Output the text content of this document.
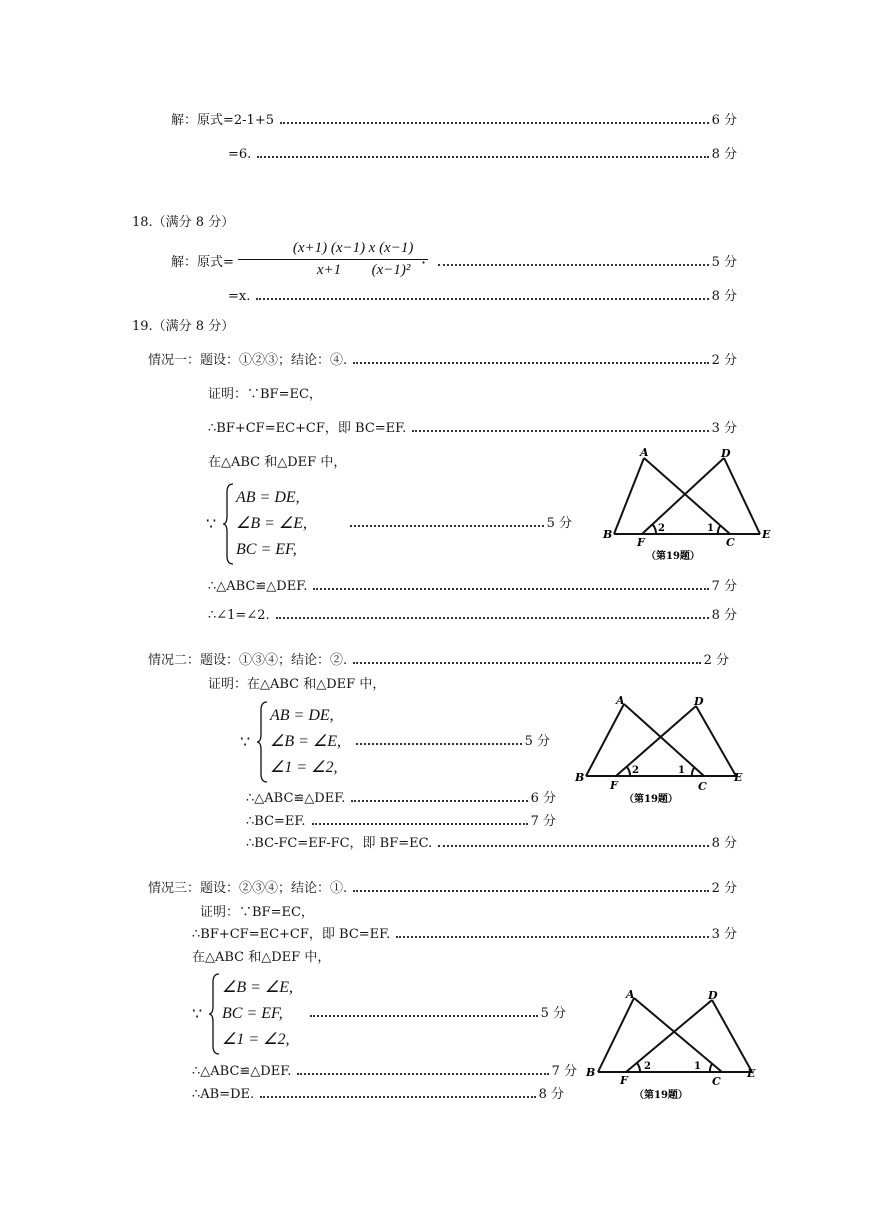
解：原式=2-1+5	6 分
=6.	8 分
18.（满分 8 分）
解：原式= $\frac{(x+1) (x-1)}{x+1}$ ·
$\frac{x (x-1)}{\text{(x−1)²}}$	5 分
=x.	8 分
19.（满分 8 分）
情况一：题设：①②③；结论：④.	2 分
证明：∵BF=EC，
∴BF+CF=EC+CF，即 BC=EF.	3 分
在△ABC 和△DEF 中，
∵
AB = DE,
∠B = ∠E,
BC = EF,
5 分
∴△ABC≌△DEF.	7 分
∴∠1=∠2.	8 分
A	D
B
F	C
E
2	1
（第19题）
情况二：题设：①③④；结论：②.	2 分
证明：在△ABC 和△DEF 中，
∵
AB = DE,
∠B = ∠E,
∠1 = ∠2,
5 分
∴△ABC≌△DEF.	6 分
∴BC=EF.	7 分
∴BC-FC=EF-FC，即 BF=EC.	8 分
A	D
B
F	C
E
2	1
（第19题）
情况三：题设：②③④；结论：①.	2 分
证明：∵BF=EC，
∴BF+CF=EC+CF，即 BC=EF.	3 分
在△ABC 和△DEF 中，
∵
∠B = ∠E,
BC = EF,
∠1 = ∠2,
5 分
∴△ABC≌△DEF.	7 分
∴AB=DE.	8 分
A	D
B
F	C
E
2	1
（第19题）
